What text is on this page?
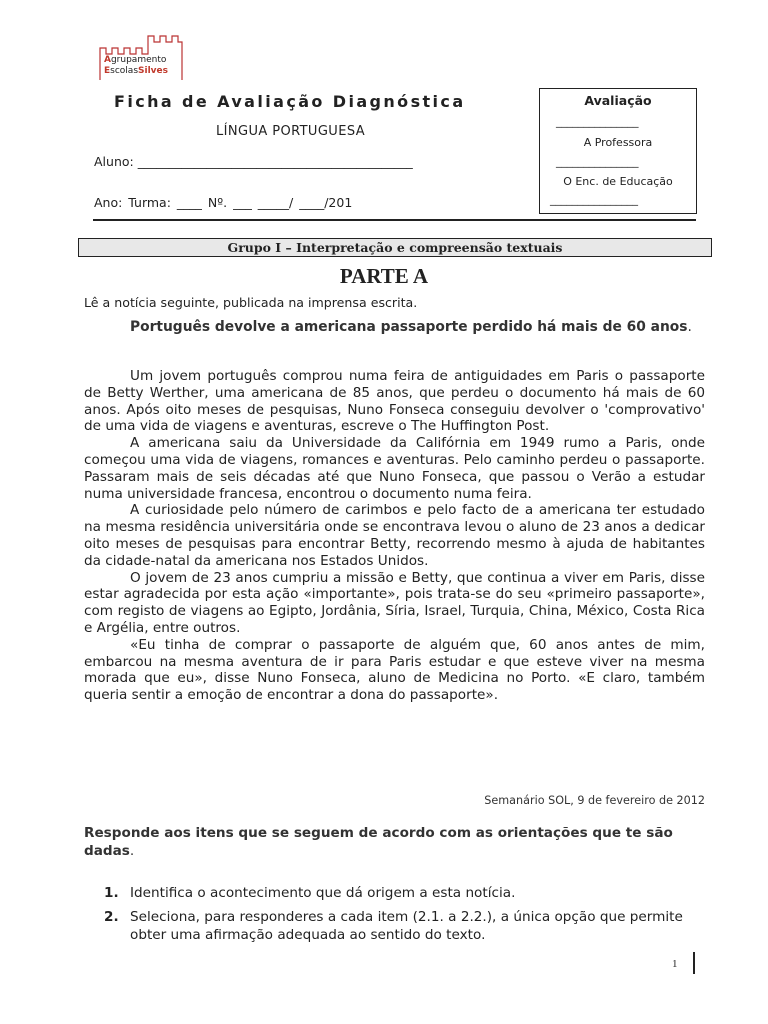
Agrupamento
EscolasSilves
Ficha de Avaliação Diagnóstica
LÍNGUA PORTUGUESA
Aluno: ____________________________________________
Ano: Turma: ____ Nº. ___ _____/ ____/201
Avaliação
_______________
A Professora
_______________
O Enc. de Educação
________________
Grupo I – Interpretação e compreensão textuais
PARTE A
Lê a notícia seguinte, publicada na imprensa escrita.
Português devolve a americana passaporte perdido há mais de 60 anos.

Um jovem português comprou numa feira de antiguidades em Paris o passaporte de Betty Werther, uma americana de 85 anos, que perdeu o documento há mais de 60 anos. Após oito meses de pesquisas, Nuno Fonseca conseguiu devolver o 'comprovativo' de uma vida de viagens e aventuras, escreve o The Huffington Post.

A americana saiu da Universidade da Califórnia em 1949 rumo a Paris, onde começou uma vida de viagens, romances e aventuras. Pelo caminho perdeu o passaporte. Passaram mais de seis décadas até que Nuno Fonseca, que passou o Verão a estudar numa universidade francesa, encontrou o documento numa feira.

A curiosidade pelo número de carimbos e pelo facto de a americana ter estudado na mesma residência universitária onde se encontrava levou o aluno de 23 anos a dedicar oito meses de pesquisas para encontrar Betty, recorrendo mesmo à ajuda de habitantes da cidade-natal da americana nos Estados Unidos.

O jovem de 23 anos cumpriu a missão e Betty, que continua a viver em Paris, disse estar agradecida por esta ação «importante», pois trata-se do seu «primeiro passaporte», com registo de viagens ao Egipto, Jordânia, Síria, Israel, Turquia, China, México, Costa Rica e Argélia, entre outros.

«Eu tinha de comprar o passaporte de alguém que, 60 anos antes de mim, embarcou na mesma aventura de ir para Paris estudar e que esteve viver na mesma morada que eu», disse Nuno Fonseca, aluno de Medicina no Porto. «E claro, também queria sentir a emoção de encontrar a dona do passaporte».

Semanário SOL, 9 de fevereiro de 2012
Responde aos itens que se seguem de acordo com as orientações que te são dadas.
1. Identifica o acontecimento que dá origem a esta notícia.
2. Seleciona, para responderes a cada item (2.1. a 2.2.), a única opção que permite obter uma afirmação adequada ao sentido do texto.
1
